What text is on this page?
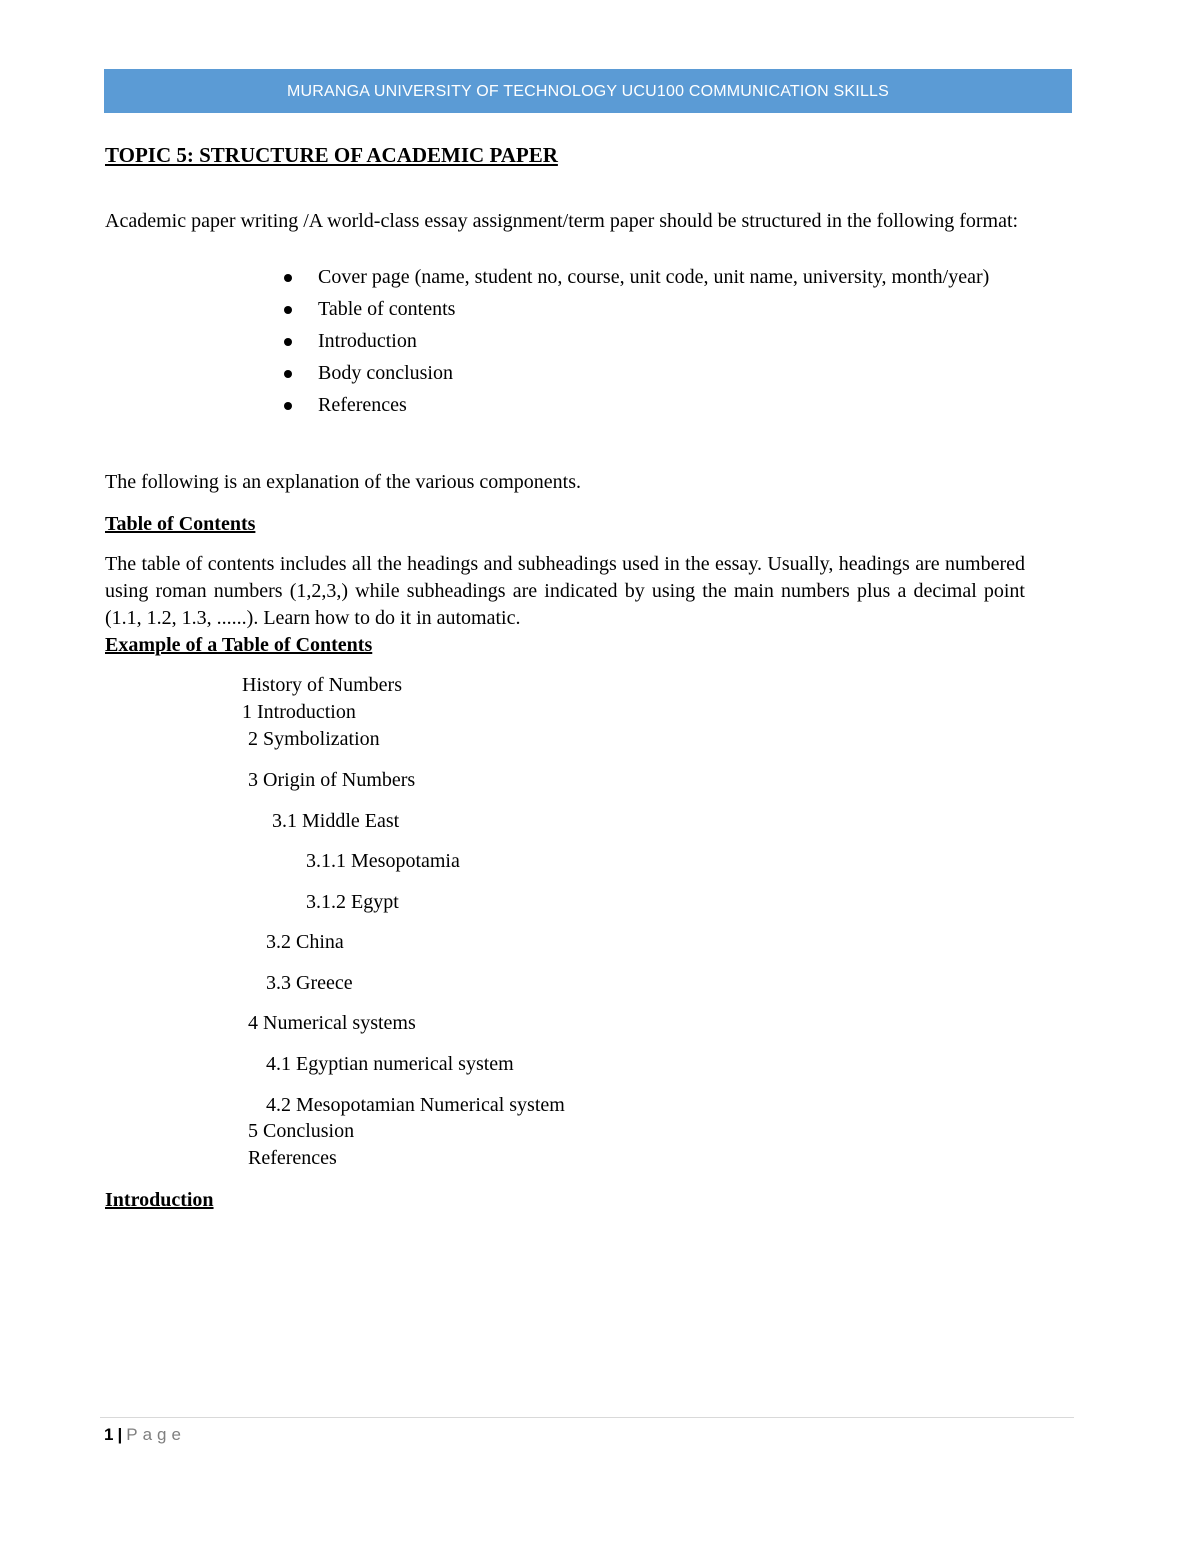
MURANGA UNIVERSITY OF TECHNOLOGY UCU100 COMMUNICATION SKILLS
TOPIC 5: STRUCTURE OF ACADEMIC PAPER

Academic paper writing /A world-class essay assignment/term paper should be structured in the following format:

Cover page (name, student no, course, unit code, unit name, university, month/year)
Table of contents
Introduction
Body conclusion
References

The following is an explanation of the various components.

Table of Contents

The table of contents includes all the headings and subheadings used in the essay. Usually, headings are numbered using roman numbers (1,2,3,) while subheadings are indicated by using the main numbers plus a decimal point (1.1, 1.2, 1.3, ......). Learn how to do it in automatic.

Example of a Table of Contents
History of Numbers
1 Introduction
2 Symbolization
3 Origin of Numbers
3.1 Middle East
3.1.1 Mesopotamia
3.1.2 Egypt
3.2 China
3.3 Greece
4 Numerical systems
4.1 Egyptian numerical system
4.2 Mesopotamian Numerical system
5 Conclusion
References
Introduction
1 | Page
